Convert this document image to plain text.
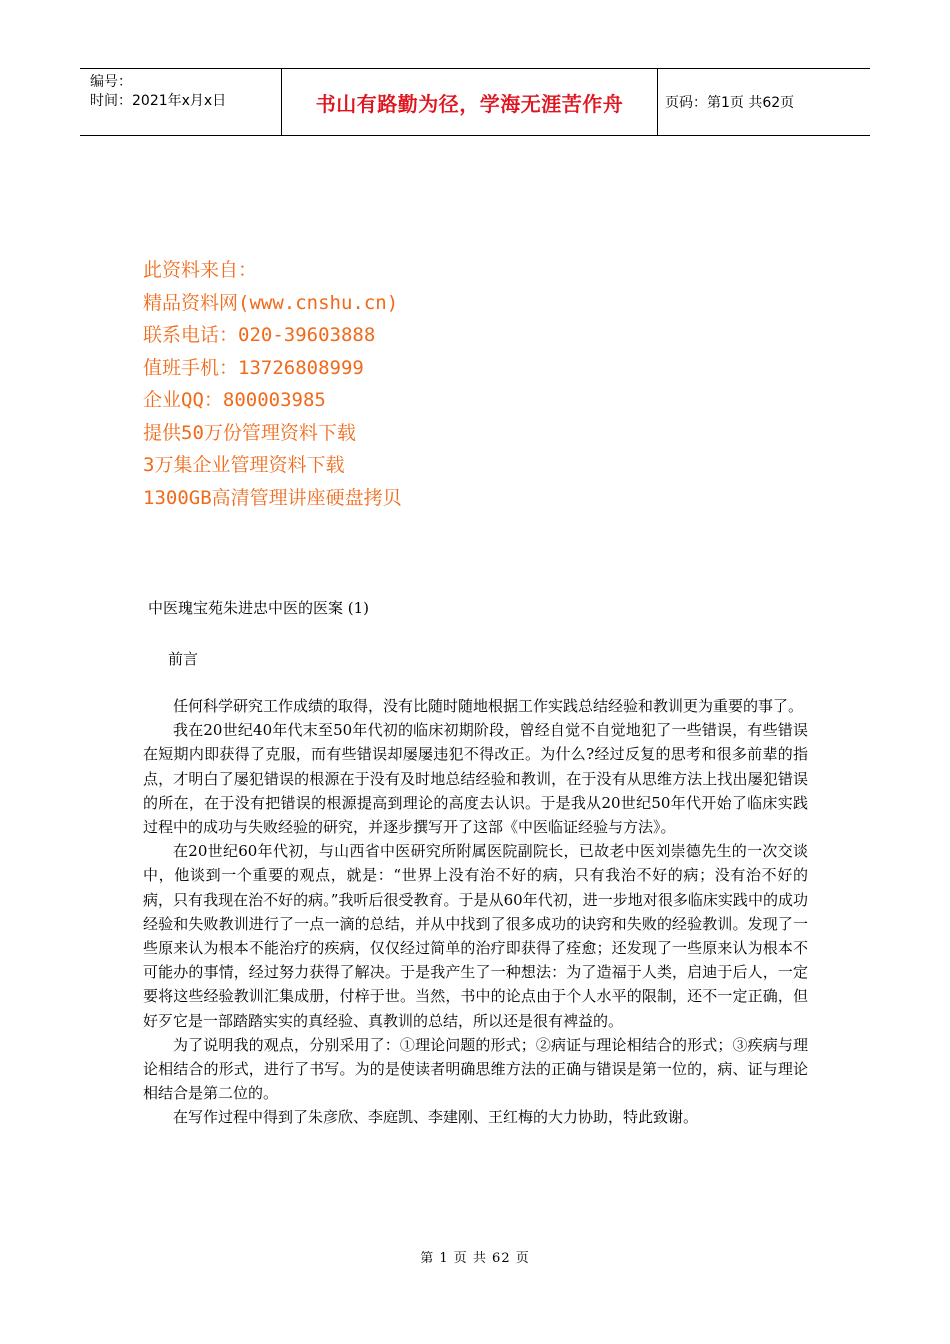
编号：
时间：2021年x月x日	书山有路勤为径，学海无涯苦作舟	页码：第1页 共62页
此资料来自：
精品资料网(www.cnshu.cn)
联系电话：020-39603888
值班手机：13726808999
企业QQ：800003985
提供50万份管理资料下载
3万集企业管理资料下载
1300GB高清管理讲座硬盘拷贝
中医瑰宝苑朱进忠中医的医案 (1)
前言

任何科学研究工作成绩的取得，没有比随时随地根据工作实践总结经验和教训更为重要的事了。

我在20世纪40年代末至50年代初的临床初期阶段，曾经自觉不自觉地犯了一些错误，有些错误在短期内即获得了克服，而有些错误却屡屡违犯不得改正。为什么?经过反复的思考和很多前辈的指点，才明白了屡犯错误的根源在于没有及时地总结经验和教训，在于没有从思维方法上找出屡犯错误的所在，在于没有把错误的根源提高到理论的高度去认识。于是我从20世纪50年代开始了临床实践过程中的成功与失败经验的研究，并逐步撰写开了这部《中医临证经验与方法》。

在20世纪60年代初，与山西省中医研究所附属医院副院长，已故老中医刘崇德先生的一次交谈中，他谈到一个重要的观点，就是：“世界上没有治不好的病，只有我治不好的病；没有治不好的病，只有我现在治不好的病。”我听后很受教育。于是从60年代初，进一步地对很多临床实践中的成功经验和失败教训进行了一点一滴的总结，并从中找到了很多成功的诀窍和失败的经验教训。发现了一些原来认为根本不能治疗的疾病，仅仅经过简单的治疗即获得了痊愈；还发现了一些原来认为根本不可能办的事情，经过努力获得了解决。于是我产生了一种想法：为了造福于人类，启迪于后人，一定要将这些经验教训汇集成册，付梓于世。当然，书中的论点由于个人水平的限制，还不一定正确，但好歹它是一部踏踏实实的真经验、真教训的总结，所以还是很有裨益的。

为了说明我的观点，分别采用了：①理论问题的形式；②病证与理论相结合的形式；③疾病与理论相结合的形式，进行了书写。为的是使读者明确思维方法的正确与错误是第一位的，病、证与理论相结合是第二位的。

在写作过程中得到了朱彦欣、李庭凯、李建刚、王红梅的大力协助，特此致谢。

第 1 页 共 62 页
